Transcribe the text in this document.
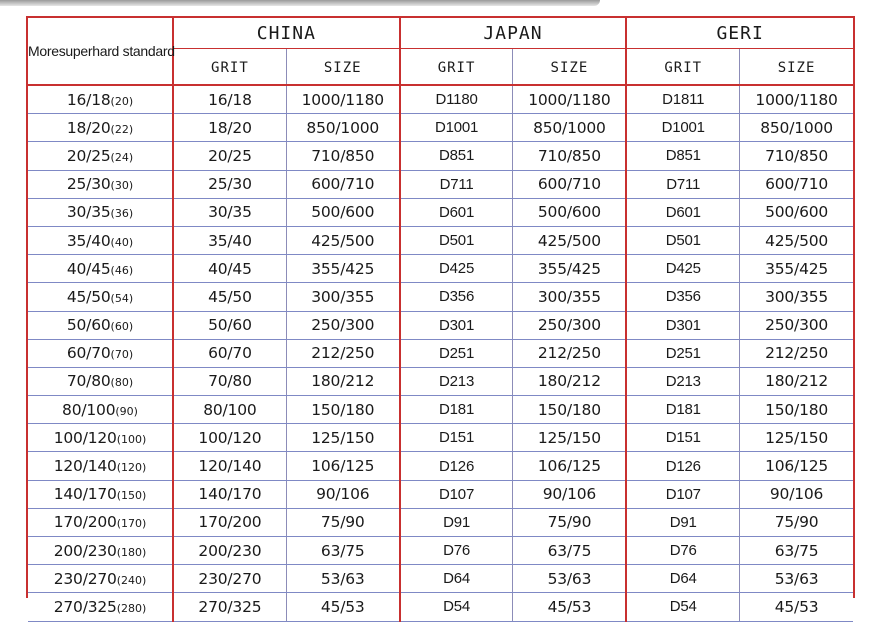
Moresuperhard standard	CHINA		JAPAN		GERI	
	GRIT	SIZE	GRIT	SIZE	GRIT	SIZE
16/18(20)	16/18	1000/1180	D1180	1000/1180	D1811	1000/1180
18/20(22)	18/20	850/1000	D1001	850/1000	D1001	850/1000
20/25(24)	20/25	710/850	D851	710/850	D851	710/850
25/30(30)	25/30	600/710	D711	600/710	D711	600/710
30/35(36)	30/35	500/600	D601	500/600	D601	500/600
35/40(40)	35/40	425/500	D501	425/500	D501	425/500
40/45(46)	40/45	355/425	D425	355/425	D425	355/425
45/50(54)	45/50	300/355	D356	300/355	D356	300/355
50/60(60)	50/60	250/300	D301	250/300	D301	250/300
60/70(70)	60/70	212/250	D251	212/250	D251	212/250
70/80(80)	70/80	180/212	D213	180/212	D213	180/212
80/100(90)	80/100	150/180	D181	150/180	D181	150/180
100/120(100)	100/120	125/150	D151	125/150	D151	125/150
120/140(120)	120/140	106/125	D126	106/125	D126	106/125
140/170(150)	140/170	90/106	D107	90/106	D107	90/106
170/200(170)	170/200	75/90	D91	75/90	D91	75/90
200/230(180)	200/230	63/75	D76	63/75	D76	63/75
230/270(240)	230/270	53/63	D64	53/63	D64	53/63
270/325(280)	270/325	45/53	D54	45/53	D54	45/53
